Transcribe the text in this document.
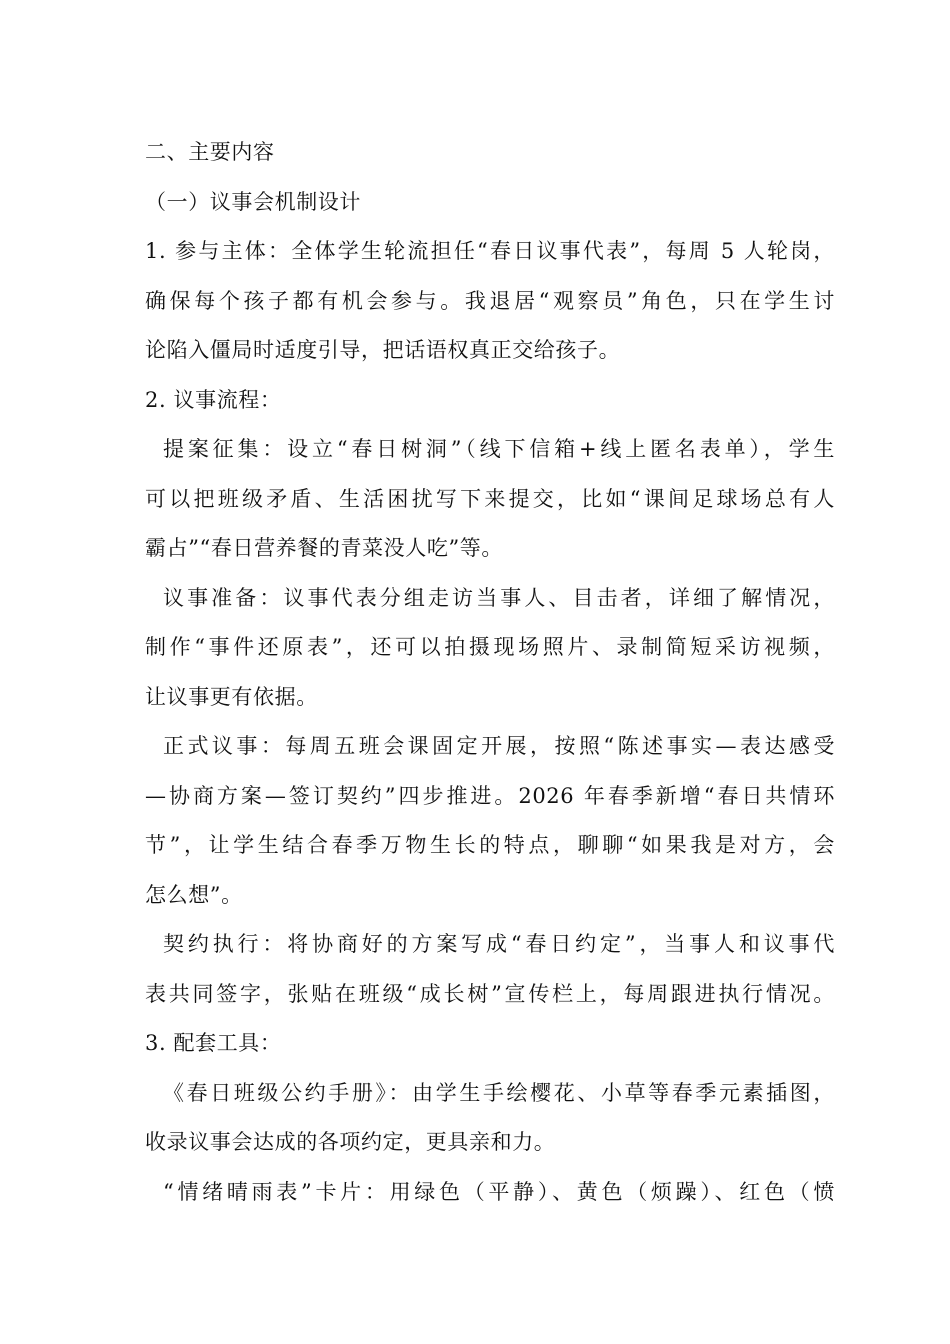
二、主要内容
（一）议事会机制设计
1. 参与主体：全体学生轮流担任“春日议事代表”，每周 5 人轮岗，
确保每个孩子都有机会参与。我退居“观察员”角色，只在学生讨
论陷入僵局时适度引导，把话语权真正交给孩子。
2. 议事流程：
提案征集：设立“春日树洞”（线下信箱+线上匿名表单），学生
可以把班级矛盾、生活困扰写下来提交，比如“课间足球场总有人
霸占”“春日营养餐的青菜没人吃”等。
议事准备：议事代表分组走访当事人、目击者，详细了解情况，
制作“事件还原表”，还可以拍摄现场照片、录制简短采访视频，
让议事更有依据。
正式议事：每周五班会课固定开展，按照“陈述事实—表达感受
—协商方案—签订契约”四步推进。2026 年春季新增“春日共情环
节”，让学生结合春季万物生长的特点，聊聊“如果我是对方，会
怎么想”。
契约执行：将协商好的方案写成“春日约定”，当事人和议事代
表共同签字，张贴在班级“成长树”宣传栏上，每周跟进执行情况。
3. 配套工具：
《春日班级公约手册》：由学生手绘樱花、小草等春季元素插图，
收录议事会达成的各项约定，更具亲和力。
“情绪晴雨表”卡片：用绿色（平静）、黄色（烦躁）、红色（愤
